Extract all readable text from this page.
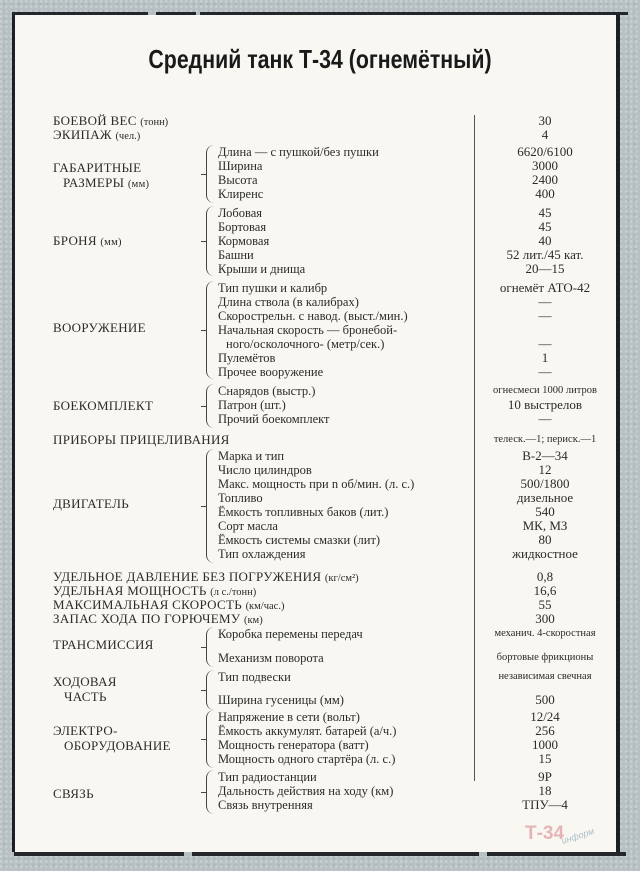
Средний танк Т-34 (огнемётный)
БОЕВОЙ ВЕС (тонн)	30
ЭКИПАЖ (чел.)	4
ГАБАРИТНЫЕ
РАЗМЕРЫ (мм)
Длина — с пушкой/без пушки	6620/6100
Ширина	3000
Высота	2400
Клиренс	400
БРОНЯ (мм)
Лобовая	45
Бортовая	45
Кормовая	40
Башни	52 лит./45 кат.
Крыши и днища	20—15
ВООРУЖЕНИЕ
Тип пушки и калибр	огнемёт АТО-42
Длина ствола (в калибрах)	—
Скорострельн. с навод. (выст./мин.)	—
Начальная скорость — бронебой-
ного/осколочного- (метр/сек.)	—
Пулемётов	1
Прочее вооружение	—
БОЕКОМПЛЕКТ
Снарядов (выстр.)	огнесмеси 1000 литров
Патрон (шт.)	10 выстрелов
Прочий боекомплект	—
ПРИБОРЫ ПРИЦЕЛИВАНИЯ	телеск.—1; периск.—1
ДВИГАТЕЛЬ
Марка и тип	В-2—34
Число цилиндров	12
Макс. мощность при n об/мин. (л. с.)	500/1800
Топливо	дизельное
Ёмкость топливных баков (лит.)	540
Сорт масла	МК, МЗ
Ёмкость системы смазки (лит)	80
Тип охлаждения	жидкостное
УДЕЛЬНОЕ ДАВЛЕНИЕ БЕЗ ПОГРУЖЕНИЯ (кг/см²)	0,8
УДЕЛЬНАЯ МОЩНОСТЬ (л с./тонн)	16,6
МАКСИМАЛЬНАЯ СКОРОСТЬ (км/час.)	55
ЗАПАС ХОДА ПО ГОРЮЧЕМУ (км)	300
ТРАНСМИССИЯ
Коробка перемены передач	механич. 4-скоростная
Механизм поворота	бортовые фрикционы
ХОДОВАЯ
ЧАСТЬ
Тип подвески	независимая свечная
Ширина гусеницы (мм)	500
ЭЛЕКТРО-
ОБОРУДОВАНИЕ
Напряжение в сети (вольт)	12/24
Ёмкость аккумулят. батарей (а/ч.)	256
Мощность генератора (ватт)	1000
Мощность одного стартёра (л. с.)	15
СВЯЗЬ
Тип радиостанции	9Р
Дальность действия на ходу (км)	18
Связь внутренняя	ТПУ—4
Т-34информ
